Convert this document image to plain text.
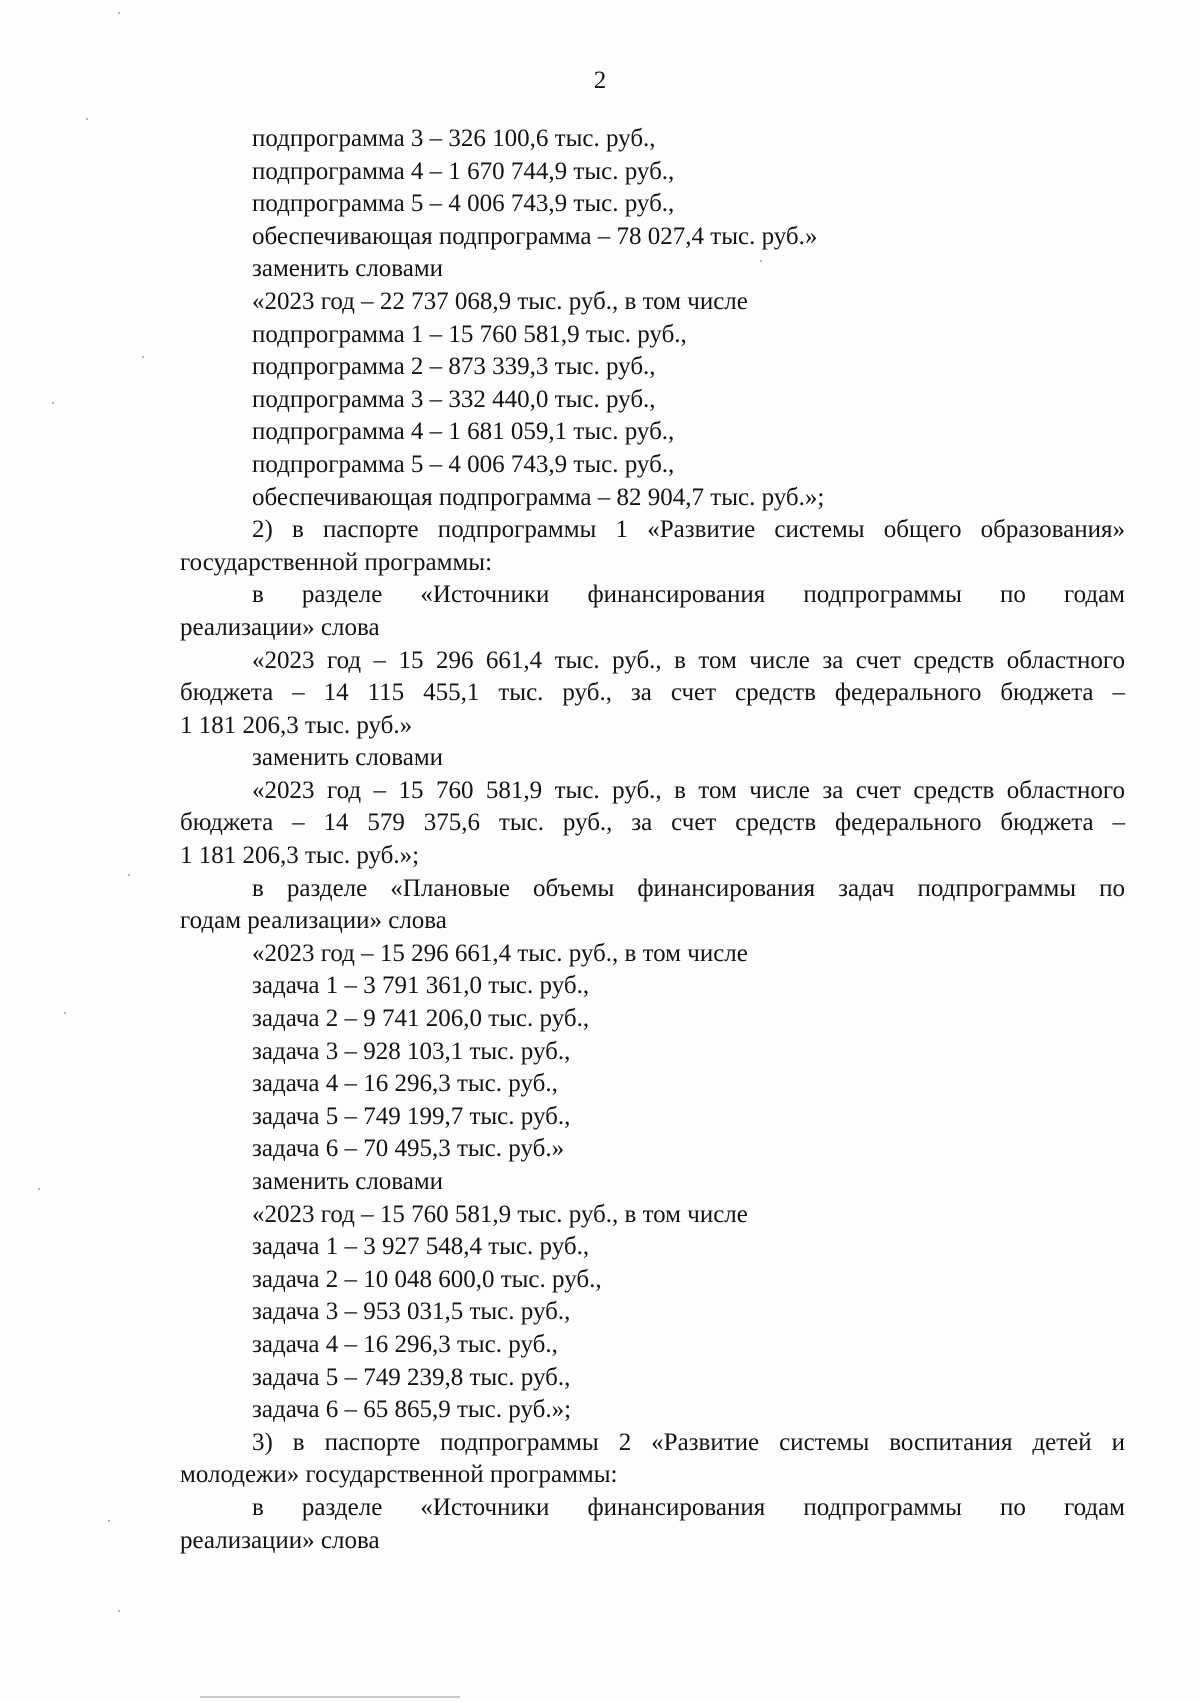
2
подпрограмма 3 – 326 100,6 тыс. руб.,
подпрограмма 4 – 1 670 744,9 тыс. руб.,
подпрограмма 5 – 4 006 743,9 тыс. руб.,
обеспечивающая подпрограмма – 78 027,4 тыс. руб.»
заменить словами
«2023 год – 22 737 068,9 тыс. руб., в том числе
подпрограмма 1 – 15 760 581,9 тыс. руб.,
подпрограмма 2 – 873 339,3 тыс. руб.,
подпрограмма 3 – 332 440,0 тыс. руб.,
подпрограмма 4 – 1 681 059,1 тыс. руб.,
подпрограмма 5 – 4 006 743,9 тыс. руб.,
обеспечивающая подпрограмма – 82 904,7 тыс. руб.»;
2) в паспорте подпрограммы 1 «Развитие системы общего образования»
государственной программы:
в разделе «Источники финансирования подпрограммы по годам
реализации» слова
«2023 год – 15 296 661,4 тыс. руб., в том числе за счет средств областного
бюджета – 14 115 455,1 тыс. руб., за счет средств федерального бюджета –
1 181 206,3 тыс. руб.»
заменить словами
«2023 год – 15 760 581,9 тыс. руб., в том числе за счет средств областного
бюджета – 14 579 375,6 тыс. руб., за счет средств федерального бюджета –
1 181 206,3 тыс. руб.»;
в разделе «Плановые объемы финансирования задач подпрограммы по
годам реализации» слова
«2023 год – 15 296 661,4 тыс. руб., в том числе
задача 1 – 3 791 361,0 тыс. руб.,
задача 2 – 9 741 206,0 тыс. руб.,
задача 3 – 928 103,1 тыс. руб.,
задача 4 – 16 296,3 тыс. руб.,
задача 5 – 749 199,7 тыс. руб.,
задача 6 – 70 495,3 тыс. руб.»
заменить словами
«2023 год – 15 760 581,9 тыс. руб., в том числе
задача 1 – 3 927 548,4 тыс. руб.,
задача 2 – 10 048 600,0 тыс. руб.,
задача 3 – 953 031,5 тыс. руб.,
задача 4 – 16 296,3 тыс. руб.,
задача 5 – 749 239,8 тыс. руб.,
задача 6 – 65 865,9 тыс. руб.»;
3) в паспорте подпрограммы 2 «Развитие системы воспитания детей и
молодежи» государственной программы:
в разделе «Источники финансирования подпрограммы по годам
реализации» слова
